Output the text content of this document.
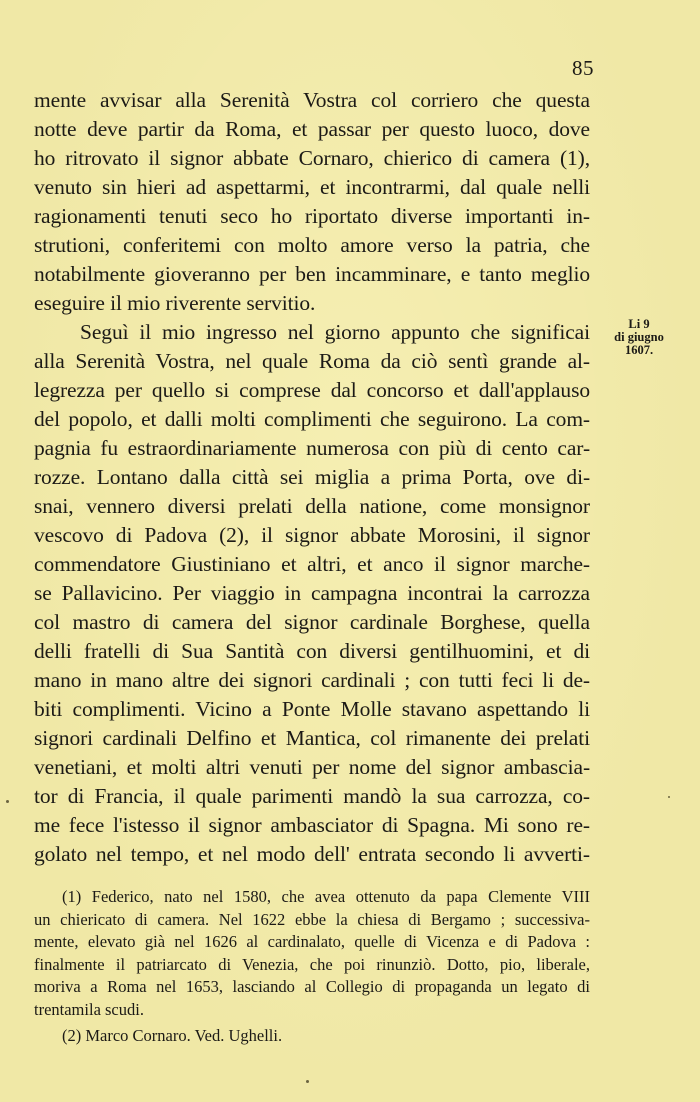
85
mente avvisar alla Serenità Vostra col corriero che questa
notte deve partir da Roma, et passar per questo luoco, dove
ho ritrovato il signor abbate Cornaro, chierico di camera (1),
venuto sin hieri ad aspettarmi, et incontrarmi, dal quale nelli
ragionamenti tenuti seco ho riportato diverse importanti in-
strutioni, conferitemi con molto amore verso la patria, che
notabilmente gioveranno per ben incamminare, e tanto meglio
eseguire il mio riverente servitio.
Seguì il mio ingresso nel giorno appunto che significai
alla Serenità Vostra, nel quale Roma da ciò sentì grande al-
legrezza per quello si comprese dal concorso et dall'applauso
del popolo, et dalli molti complimenti che seguirono. La com-
pagnia fu estraordinariamente numerosa con più di cento car-
rozze. Lontano dalla città sei miglia a prima Porta, ove di-
snai, vennero diversi prelati della natione, come monsignor
vescovo di Padova (2), il signor abbate Morosini, il signor
commendatore Giustiniano et altri, et anco il signor marche-
se Pallavicino. Per viaggio in campagna incontrai la carrozza
col mastro di camera del signor cardinale Borghese, quella
delli fratelli di Sua Santità con diversi gentilhuomini, et di
mano in mano altre dei signori cardinali ; con tutti feci li de-
biti complimenti. Vicino a Ponte Molle stavano aspettando li
signori cardinali Delfino et Mantica, col rimanente dei prelati
venetiani, et molti altri venuti per nome del signor ambascia-
tor di Francia, il quale parimenti mandò la sua carrozza, co-
me fece l'istesso il signor ambasciator di Spagna. Mi sono re-
golato nel tempo, et nel modo dell' entrata secondo li avverti-
Li 9
di giugno
1607.
(1) Federico, nato nel 1580, che avea ottenuto da papa Clemente VIII
un chiericato di camera. Nel 1622 ebbe la chiesa di Bergamo ; successiva-
mente, elevato già nel 1626 al cardinalato, quelle di Vicenza e di Padova :
finalmente il patriarcato di Venezia, che poi rinunziò. Dotto, pio, liberale,
moriva a Roma nel 1653, lasciando al Collegio di propaganda un legato di
trentamila scudi.
(2) Marco Cornaro. Ved. Ughelli.
